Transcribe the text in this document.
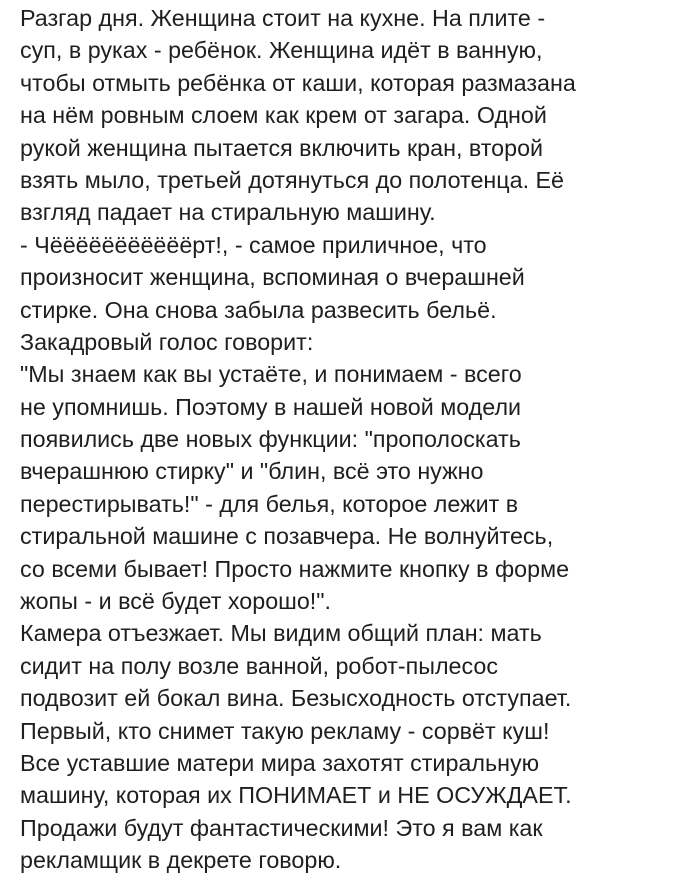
Разгар дня. Женщина стоит на кухне. На плите -
суп, в руках - ребёнок. Женщина идёт в ванную,
чтобы отмыть ребёнка от каши, которая размазана
на нём ровным слоем как крем от загара. Одной
рукой женщина пытается включить кран, второй
взять мыло, третьей дотянуться до полотенца. Её
взгляд падает на стиральную машину.
- Чёёёёёёёёёёёрт!, - самое приличное, что
произносит женщина, вспоминая о вчерашней
стирке. Она снова забыла развесить бельё.
Закадровый голос говорит:
"Мы знаем как вы устаёте, и понимаем - всего
не упомнишь. Поэтому в нашей новой модели
появились две новых функции: "прополоскать
вчерашнюю стирку" и "блин, всё это нужно
перестирывать!" - для белья, которое лежит в
стиральной машине с позавчера. Не волнуйтесь,
со всеми бывает! Просто нажмите кнопку в форме
жопы - и всё будет хорошо!".
Камера отъезжает. Мы видим общий план: мать
сидит на полу возле ванной, робот-пылесос
подвозит ей бокал вина. Безысходность отступает.
Первый, кто снимет такую рекламу - сорвёт куш!
Все уставшие матери мира захотят стиральную
машину, которая их ПОНИМАЕТ и НЕ ОСУЖДАЕТ.
Продажи будут фантастическими! Это я вам как
рекламщик в декрете говорю.
